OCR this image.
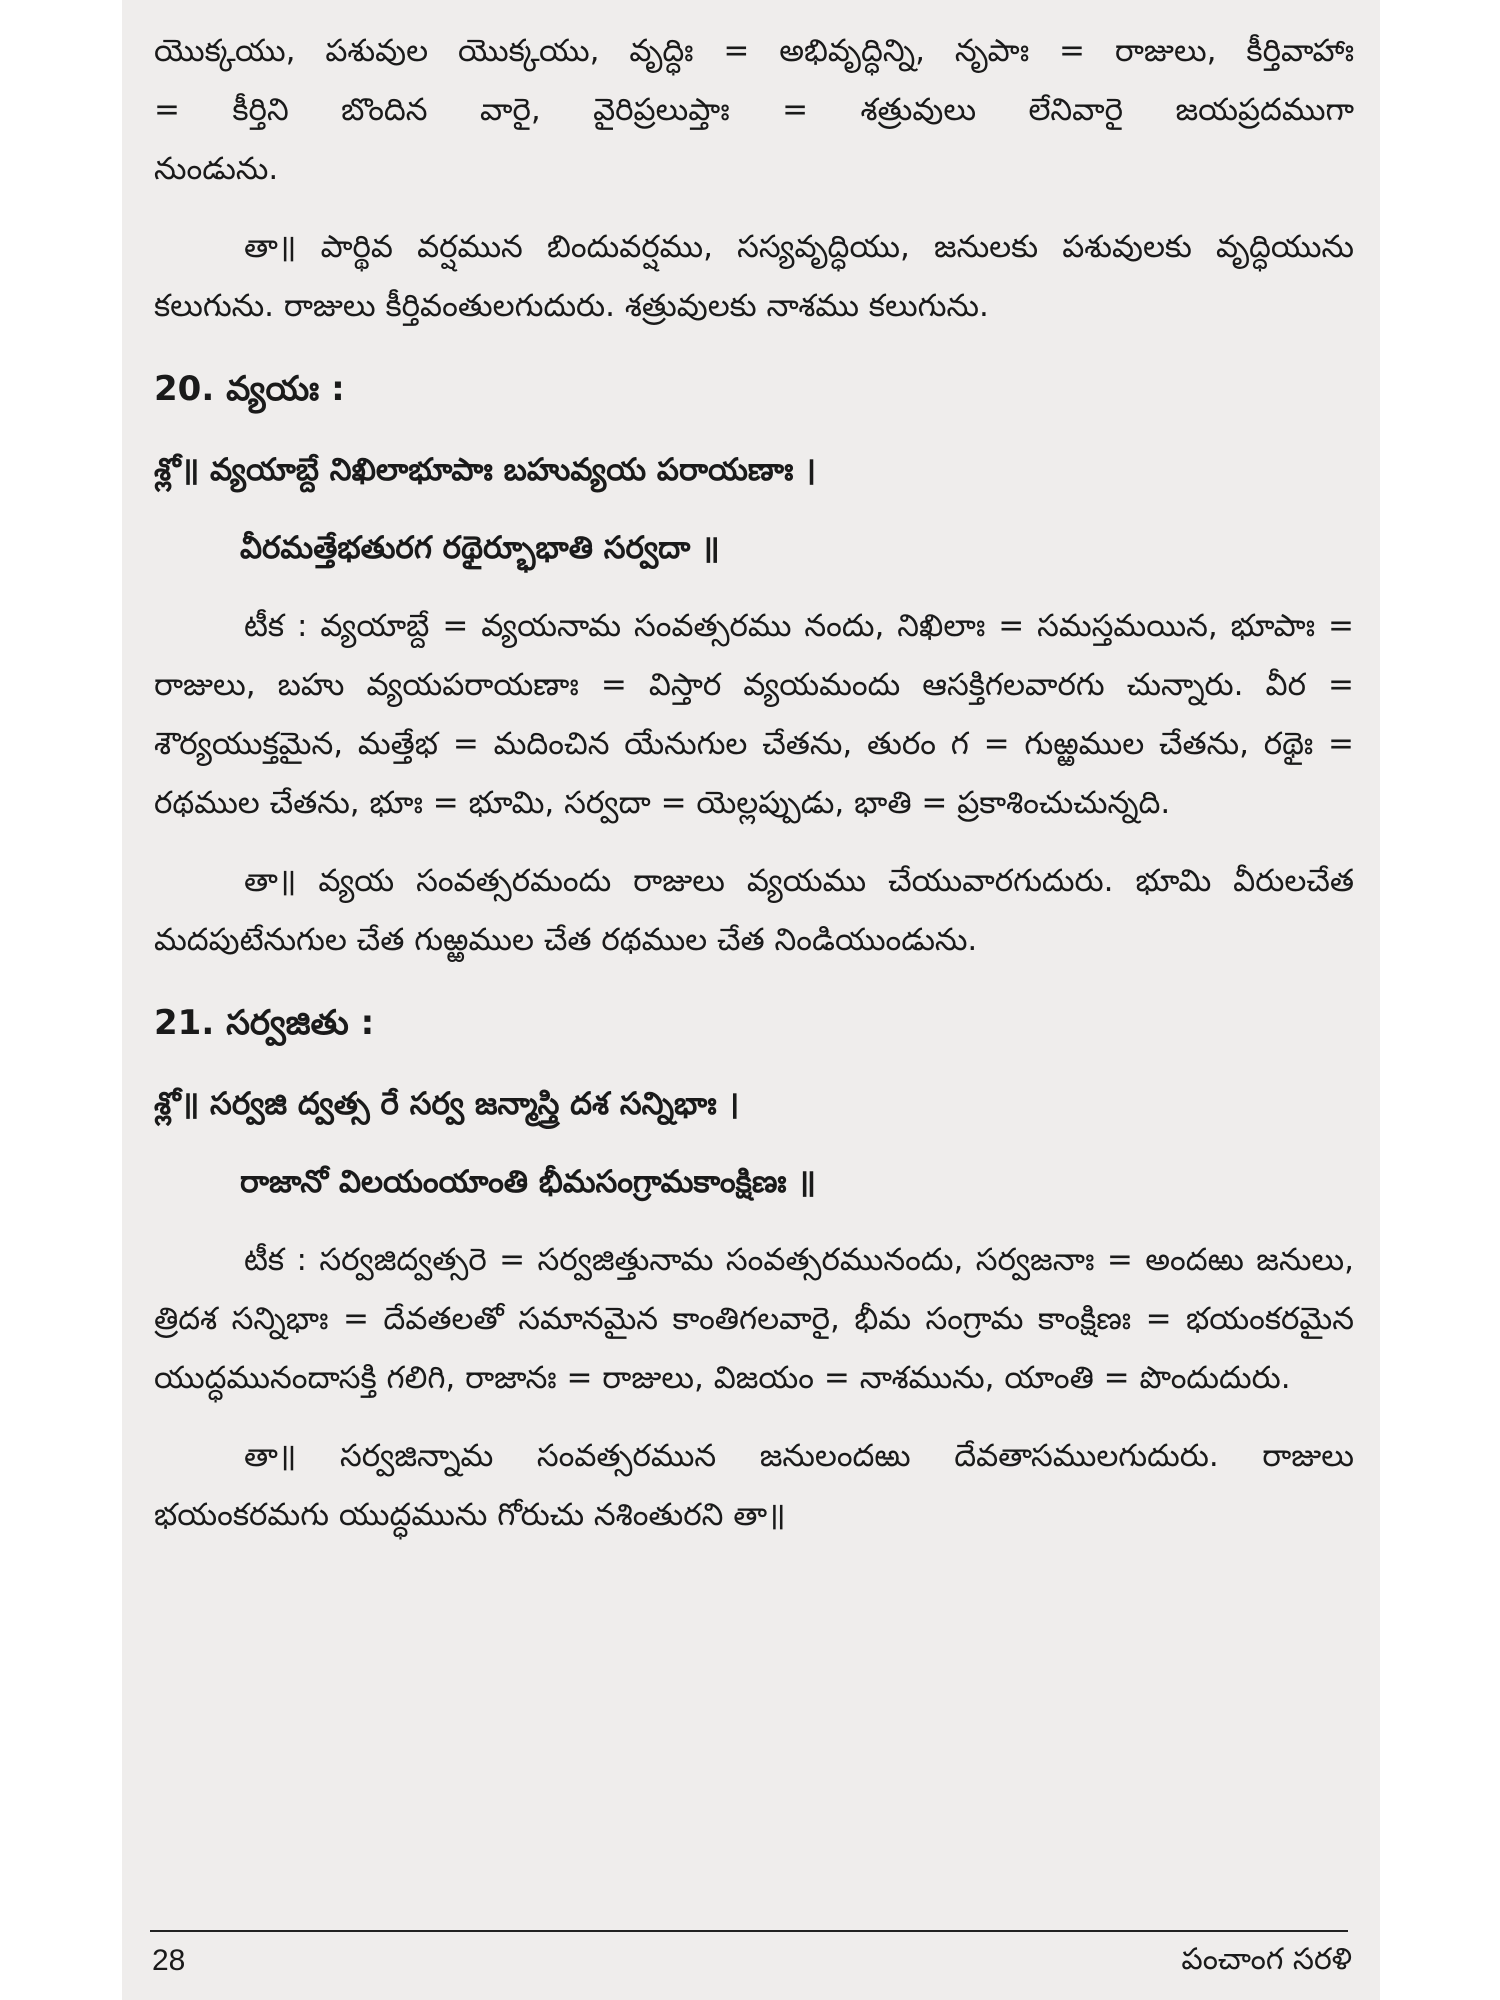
యొక్కయు, పశువుల యొక్కయు, వృద్ధిః = అభివృద్ధిన్ని, నృపాః = రాజులు, కీర్తివాహాః

= కీర్తిని బొందిన వారై, వైరిప్రలుప్తాః = శత్రువులు లేనివారై జయప్రదముగా

నుండును.

తా॥ పార్థివ వర్షమున బిందువర్షము, సస్యవృద్ధియు, జనులకు పశువులకు వృద్ధియును కలుగును. రాజులు కీర్తివంతులగుదురు. శత్రువులకు నాశము కలుగును.

20. వ్యయః :

శ్లో॥ వ్యయాబ్దే నిఖిలాభూపాః బహువ్యయ పరాయణాః ।

వీరమత్తేభతురగ రథైర్భూభాతి సర్వదా ॥

టీక : వ్యయాబ్దే = వ్యయనామ సంవత్సరము నందు, నిఖిలాః = సమస్తమయిన, భూపాః = రాజులు, బహు వ్యయపరాయణాః = విస్తార వ్యయమందు ఆసక్తిగలవారగు చున్నారు. వీర = శౌర్యయుక్తమైన, మత్తేభ = మదించిన యేనుగుల చేతను, తురం గ = గుఱ్ఱముల చేతను, రథైః = రథముల చేతను, భూః = భూమి, సర్వదా = యెల్లప్పుడు, భాతి = ప్రకాశించుచున్నది.

తా॥ వ్యయ సంవత్సరమందు రాజులు వ్యయము చేయువారగుదురు. భూమి వీరులచేత మదపుటేనుగుల చేత గుఱ్ఱముల చేత రథముల చేత నిండియుండును.

21. సర్వజితు :

శ్లో॥ సర్వజి ద్వత్స రే సర్వ జన్మాస్త్రి దశ సన్నిభాః ।

రాజానో విలయంయాంతి భీమసంగ్రామకాంక్షిణః ॥

టీక : సర్వజిద్వత్సరె = సర్వజిత్తునామ సంవత్సరమునందు, సర్వజనాః = అందఱు జనులు, త్రిదశ సన్నిభాః = దేవతలతో సమానమైన కాంతిగలవారై, భీమ సంగ్రామ కాంక్షిణః = భయంకరమైన యుద్ధమునందాసక్తి గలిగి, రాజానః = రాజులు, విజయం = నాశమును, యాంతి = పొందుదురు.

తా॥ సర్వజిన్నామ సంవత్సరమున జనులందఱు దేవతాసములగుదురు. రాజులు భయంకరమగు యుద్ధమును గోరుచు నశింతురని తా॥

28	పంచాంగ సరళి
